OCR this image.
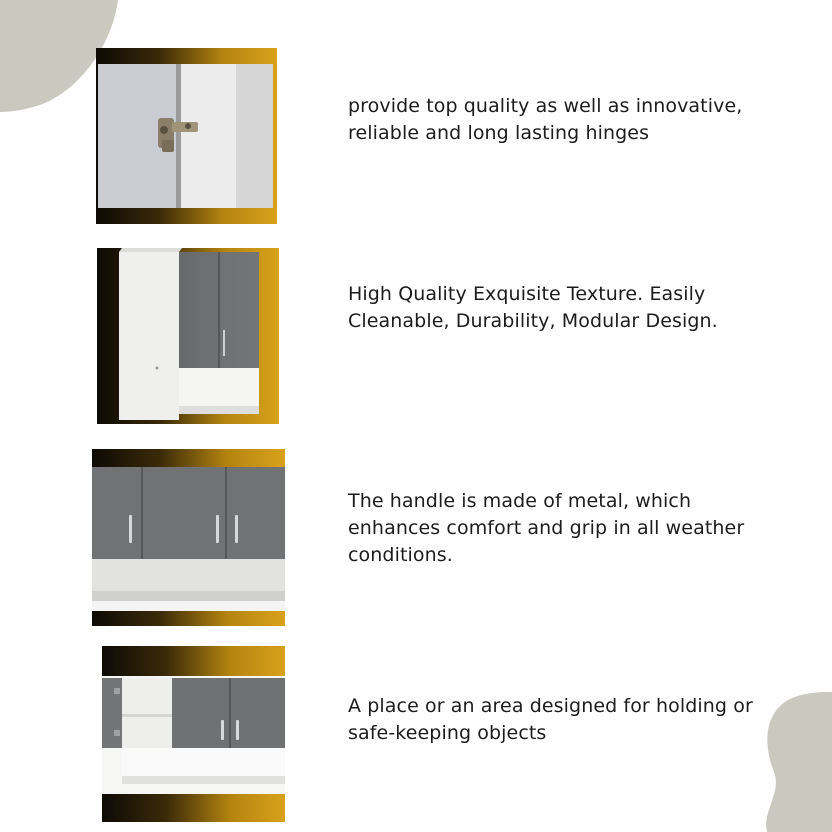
provide top quality as well as innovative, reliable and long lasting hinges
High Quality Exquisite Texture. Easily Cleanable, Durability, Modular Design.
The handle is made of metal, which enhances comfort and grip in all weather conditions.
A place or an area designed for holding or safe-keeping objects
